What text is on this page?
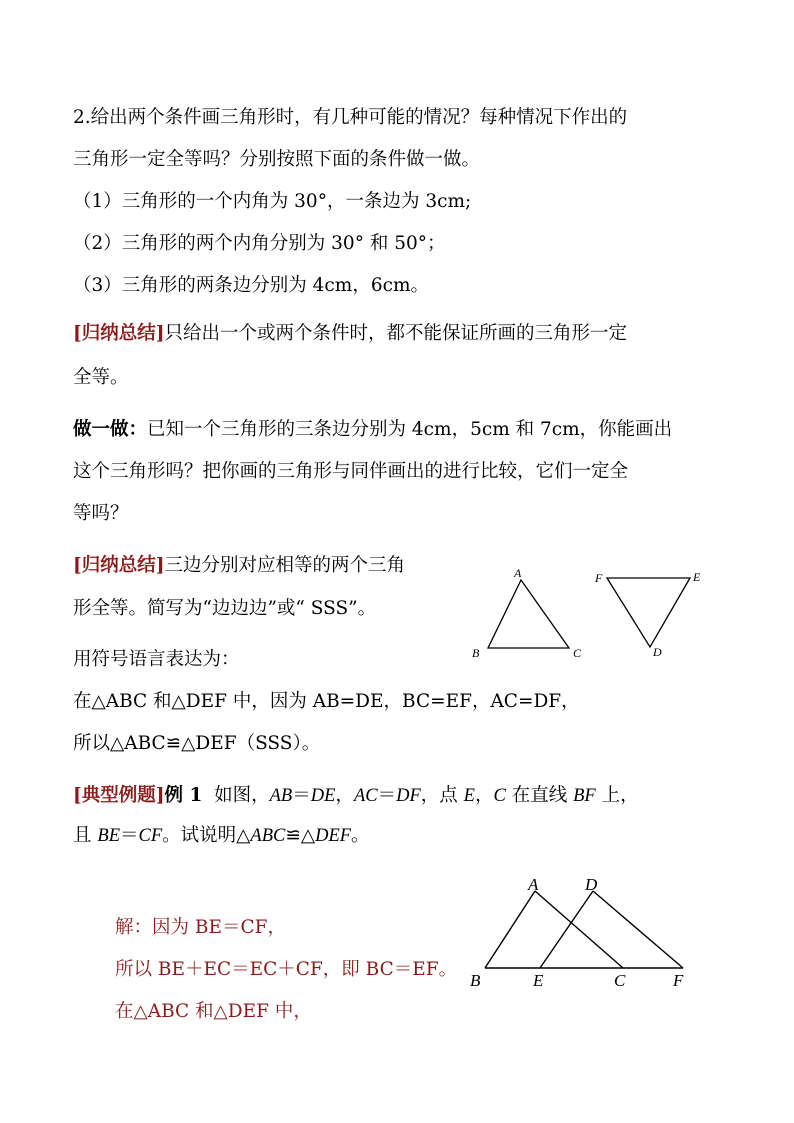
2.给出两个条件画三角形时，有几种可能的情况？每种情况下作出的
三角形一定全等吗？分别按照下面的条件做一做。
（1）三角形的一个内角为 30°，一条边为 3cm;
（2）三角形的两个内角分别为 30° 和 50°；
（3）三角形的两条边分别为 4cm，6cm。
[归纳总结]只给出一个或两个条件时，都不能保证所画的三角形一定
全等。
做一做：已知一个三角形的三条边分别为 4cm，5cm 和 7cm，你能画出
这个三角形吗？把你画的三角形与同伴画出的进行比较，它们一定全
等吗？
[归纳总结]三边分别对应相等的两个三角
形全等。简写为“边边边”或“ SSS”。
用符号语言表达为：
在△ABC 和△DEF 中，因为 AB=DE，BC=EF，AC=DF，
所以△ABC≌△DEF（SSS）。
A
B	C
F	E
D
[典型例题]例 1 如图，AB＝DE，AC＝DF，点 E，C 在直线 BF 上，
且 BE＝CF。试说明△ABC≌△DEF。
解：因为 BE＝CF，
所以 BE＋EC＝EC＋CF，即 BC＝EF。
在△ABC 和△DEF 中，
A	D
B	E	C	F
